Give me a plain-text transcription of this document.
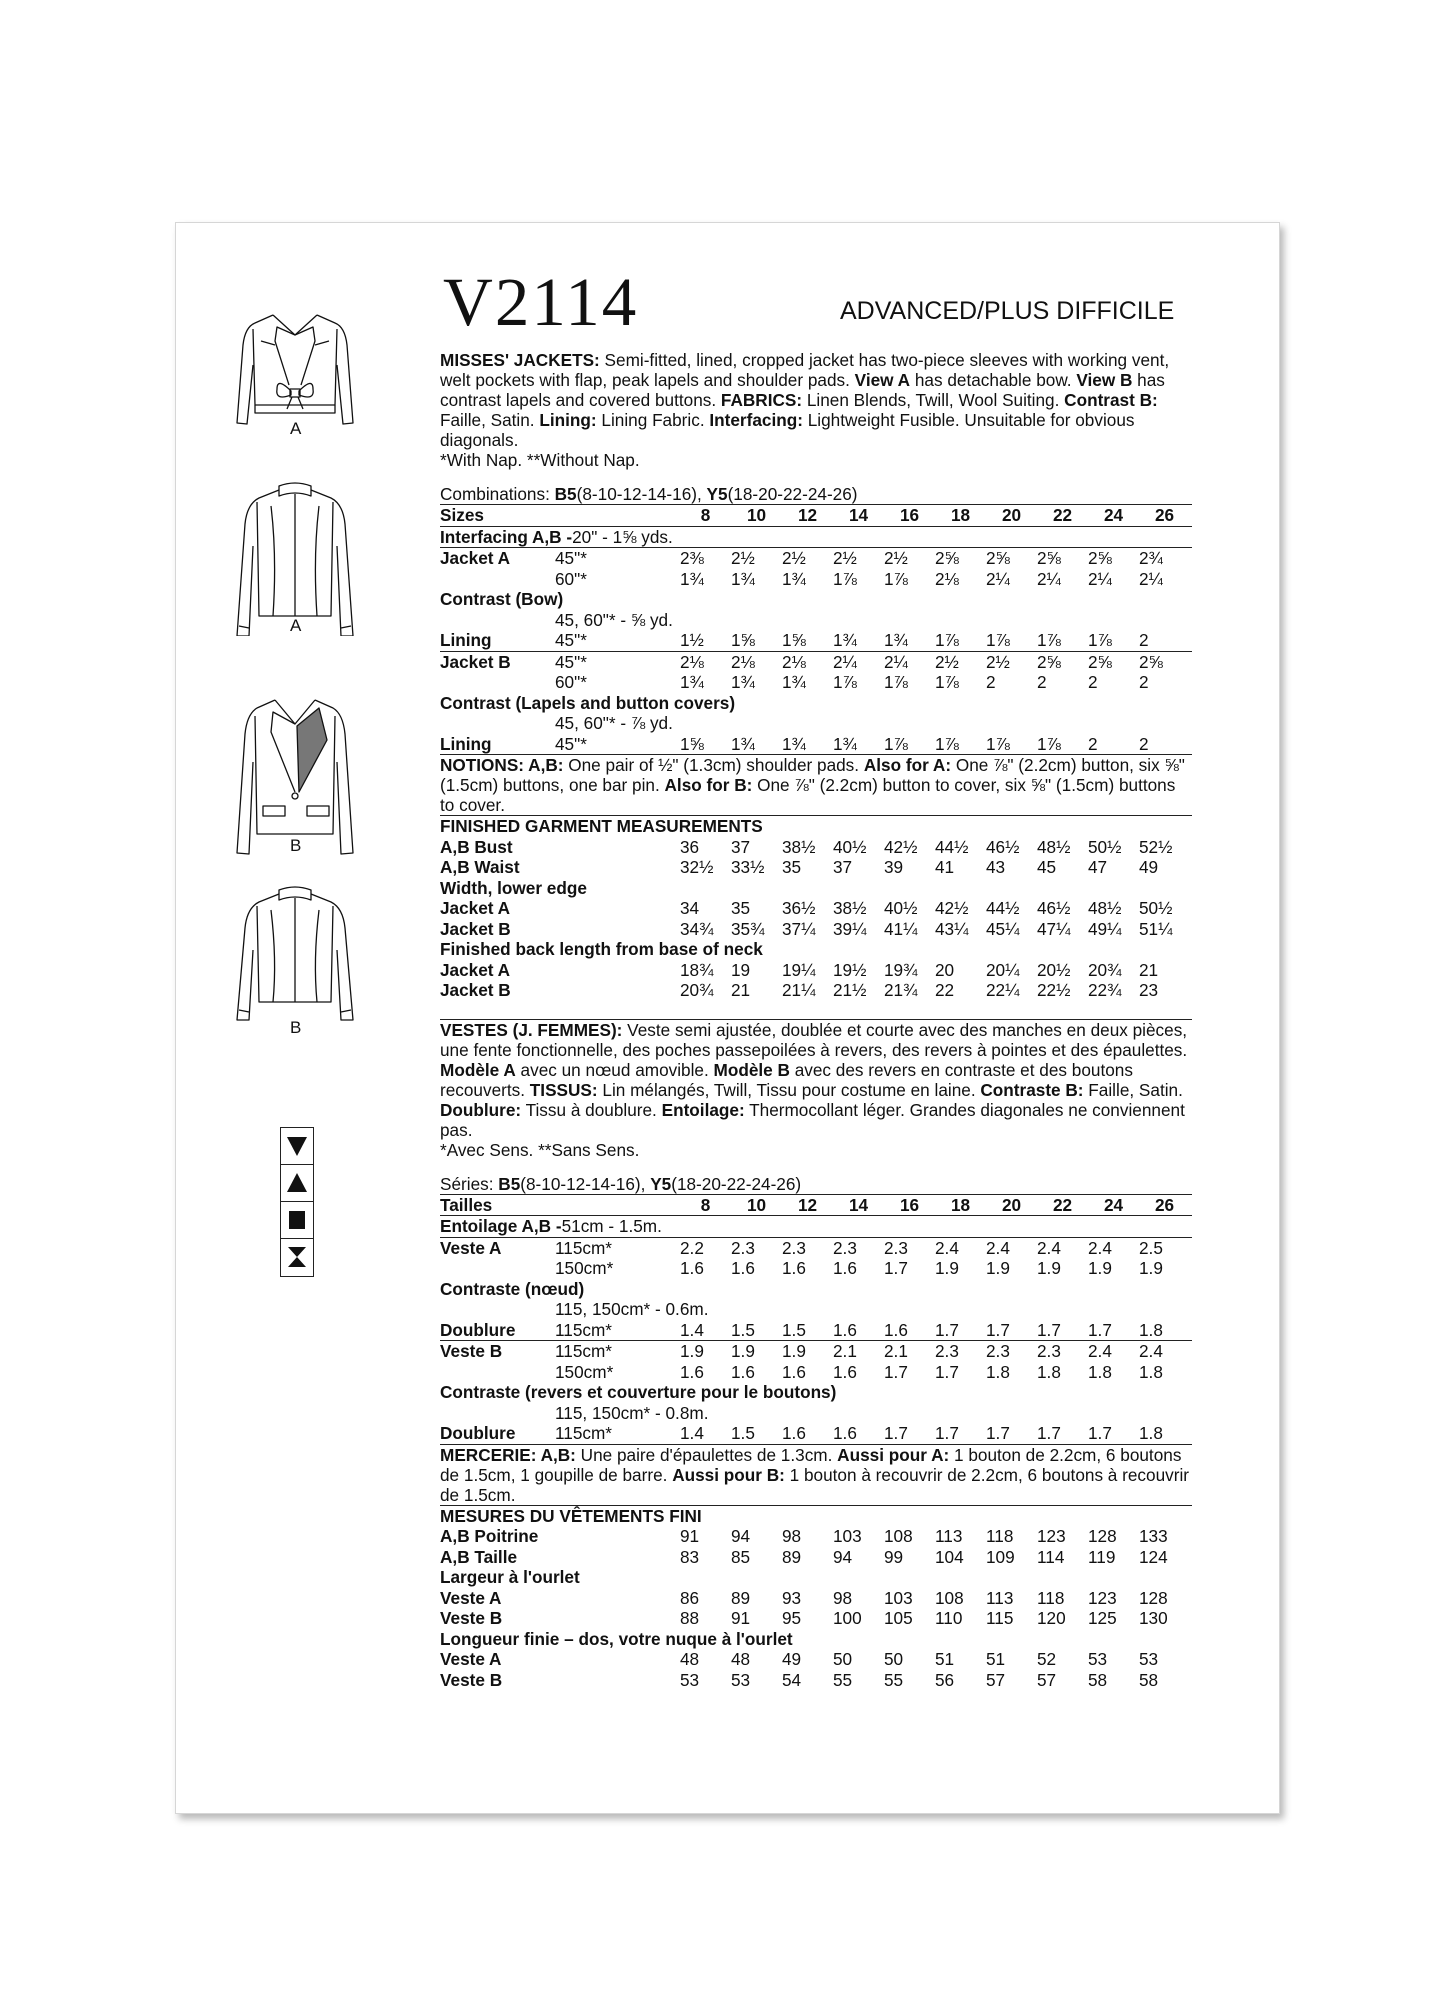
V2114	ADVANCED/PLUS DIFFICILE
A
A
B
B

MISSES' JACKETS: Semi-fitted, lined, cropped jacket has two-piece sleeves with working vent, welt pockets with flap, peak lapels and shoulder pads. View A has detachable bow. View B has contrast lapels and covered buttons. FABRICS: Linen Blends, Twill, Wool Suiting. Contrast B: Faille, Satin. Lining: Lining Fabric. Interfacing: Lightweight Fusible. Unsuitable for obvious diagonals.

*With Nap. **Without Nap.

Combinations: B5(8-10-12-14-16), Y5(18-20-22-24-26)
Sizes	8	10	12	14	16	18	20	22	24	26
Interfacing A,B - 20" - 1⅝ yds.
Jacket A	45"*	2⅜	2½	2½	2½	2½	2⅝	2⅝	2⅝	2⅝	2¾
60"*	1¾	1¾	1¾	1⅞	1⅞	2⅛	2¼	2¼	2¼	2¼
Contrast (Bow)
45, 60"* - ⅝ yd.
Lining	45"*	1½	1⅝	1⅝	1¾	1¾	1⅞	1⅞	1⅞	1⅞	2
Jacket B	45"*	2⅛	2⅛	2⅛	2¼	2¼	2½	2½	2⅝	2⅝	2⅝
60"*	1¾	1¾	1¾	1⅞	1⅞	1⅞	2	2	2	2
Contrast (Lapels and button covers)
45, 60"* - ⅞ yd.
Lining	45"*	1⅝	1¾	1¾	1¾	1⅞	1⅞	1⅞	1⅞	2	2

NOTIONS: A,B: One pair of ½" (1.3cm) shoulder pads. Also for A: One ⅞" (2.2cm) button, six ⅝" (1.5cm) buttons, one bar pin. Also for B: One ⅞" (2.2cm) button to cover, six ⅝" (1.5cm) buttons to cover.

FINISHED GARMENT MEASUREMENTS
A,B Bust	36	37	38½	40½	42½	44½	46½	48½	50½	52½
A,B Waist	32½	33½	35	37	39	41	43	45	47	49
Width, lower edge
Jacket A	34	35	36½	38½	40½	42½	44½	46½	48½	50½
Jacket B	34¾	35¾	37¼	39¼	41¼	43¼	45¼	47¼	49¼	51¼
Finished back length from base of neck
Jacket A	18¾	19	19¼	19½	19¾	20	20¼	20½	20¾	21
Jacket B	20¾	21	21¼	21½	21¾	22	22¼	22½	22¾	23

VESTES (J. FEMMES): Veste semi ajustée, doublée et courte avec des manches en deux pièces, une fente fonctionnelle, des poches passepoilées à revers, des revers à pointes et des épaulettes. Modèle A avec un nœud amovible. Modèle B avec des revers en contraste et des boutons recouverts. TISSUS: Lin mélangés, Twill, Tissu pour costume en laine. Contraste B: Faille, Satin. Doublure: Tissu à doublure. Entoilage: Thermocollant léger. Grandes diagonales ne conviennent pas.

*Avec Sens. **Sans Sens.

Séries: B5(8-10-12-14-16), Y5(18-20-22-24-26)
Tailles	8	10	12	14	16	18	20	22	24	26
Entoilage A,B - 51cm - 1.5m.
Veste A	115cm*	2.2	2.3	2.3	2.3	2.3	2.4	2.4	2.4	2.4	2.5
150cm*	1.6	1.6	1.6	1.6	1.7	1.9	1.9	1.9	1.9	1.9
Contraste (nœud)
115, 150cm* - 0.6m.
Doublure	115cm*	1.4	1.5	1.5	1.6	1.6	1.7	1.7	1.7	1.7	1.8
Veste B	115cm*	1.9	1.9	1.9	2.1	2.1	2.3	2.3	2.3	2.4	2.4
150cm*	1.6	1.6	1.6	1.6	1.7	1.7	1.8	1.8	1.8	1.8
Contraste (revers et couverture pour le boutons)
115, 150cm* - 0.8m.
Doublure	115cm*	1.4	1.5	1.6	1.6	1.7	1.7	1.7	1.7	1.7	1.8

MERCERIE: A,B: Une paire d'épaulettes de 1.3cm. Aussi pour A: 1 bouton de 2.2cm, 6 boutons de 1.5cm, 1 goupille de barre. Aussi pour B: 1 bouton à recouvrir de 2.2cm, 6 boutons à recouvrir de 1.5cm.

MESURES DU VÊTEMENTS FINI
A,B Poitrine	91	94	98	103	108	113	118	123	128	133
A,B Taille	83	85	89	94	99	104	109	114	119	124
Largeur à l'ourlet
Veste A	86	89	93	98	103	108	113	118	123	128
Veste B	88	91	95	100	105	110	115	120	125	130
Longueur finie – dos, votre nuque à l'ourlet
Veste A	48	48	49	50	50	51	51	52	53	53
Veste B	53	53	54	55	55	56	57	57	58	58
